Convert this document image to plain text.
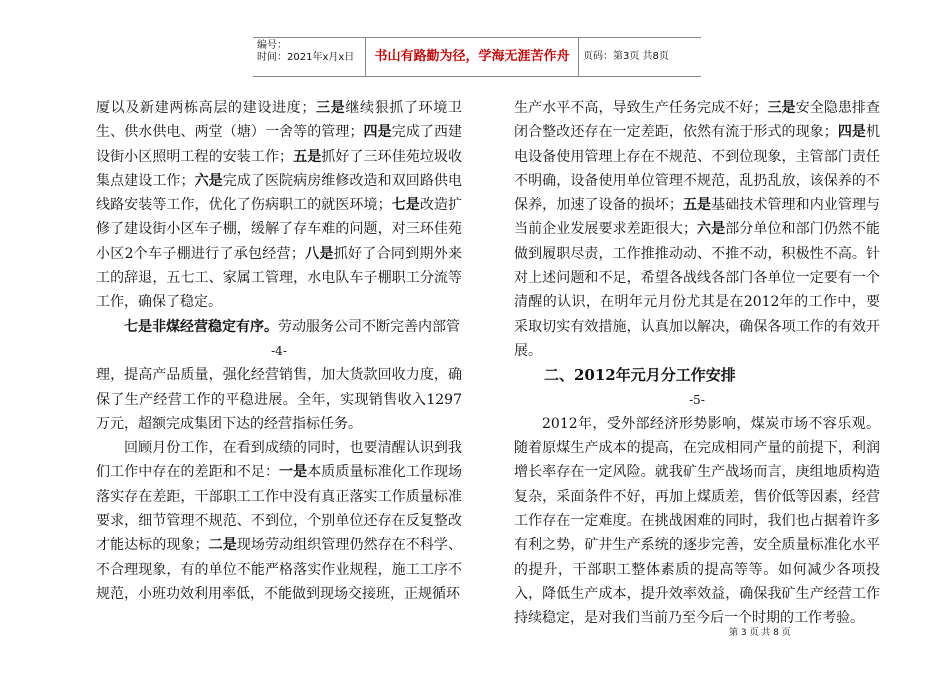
编号：
时间：2021年x月x日	书山有路勤为径，学海无涯苦作舟	页码：第3页 共8页

厦以及新建两栋高层的建设进度；三是继续狠抓了环境卫生、供水供电、两堂（塘）一舍等的管理；四是完成了西建设街小区照明工程的安装工作；五是抓好了三环佳苑垃圾收集点建设工作；六是完成了医院病房维修改造和双回路供电线路安装等工作，优化了伤病职工的就医环境；七是改造扩修了建设街小区车子棚，缓解了存车难的问题，对三环佳苑小区2个车子棚进行了承包经营；八是抓好了合同到期外来工的辞退，五七工、家属工管理，水电队车子棚职工分流等工作，确保了稳定。

七是非煤经营稳定有序。劳动服务公司不断完善内部管

-4-

理，提高产品质量，强化经营销售，加大货款回收力度，确保了生产经营工作的平稳进展。全年，实现销售收入1297万元，超额完成集团下达的经营指标任务。

回顾月份工作，在看到成绩的同时，也要清醒认识到我们工作中存在的差距和不足：一是本质质量标准化工作现场落实存在差距，干部职工工作中没有真正落实工作质量标准要求，细节管理不规范、不到位，个别单位还存在反复整改才能达标的现象；二是现场劳动组织管理仍然存在不科学、不合理现象，有的单位不能严格落实作业规程，施工工序不规范，小班功效利用率低，不能做到现场交接班，正规循环

生产水平不高，导致生产任务完成不好；三是安全隐患排查闭合整改还存在一定差距，依然有流于形式的现象；四是机电设备使用管理上存在不规范、不到位现象，主管部门责任不明确，设备使用单位管理不规范，乱扔乱放，该保养的不保养，加速了设备的损坏；五是基础技术管理和内业管理与当前企业发展要求差距很大；六是部分单位和部门仍然不能做到履职尽责，工作推推动动、不推不动，积极性不高。针对上述问题和不足，希望各战线各部门各单位一定要有一个清醒的认识，在明年元月份尤其是在2012年的工作中，要采取切实有效措施，认真加以解决，确保各项工作的有效开展。

二、2012年元月分工作安排

-5-

2012年，受外部经济形势影响，煤炭市场不容乐观。随着原煤生产成本的提高，在完成相同产量的前提下，利润增长率存在一定风险。就我矿生产战场而言，庚组地质构造复杂，采面条件不好，再加上煤质差，售价低等因素，经营工作存在一定难度。在挑战困难的同时，我们也占据着许多有利之势，矿井生产系统的逐步完善，安全质量标准化水平的提升，干部职工整体素质的提高等等。如何减少各项投入，降低生产成本，提升效率效益，确保我矿生产经营工作持续稳定，是对我们当前乃至今后一个时期的工作考验。

第 3 页 共 8 页
